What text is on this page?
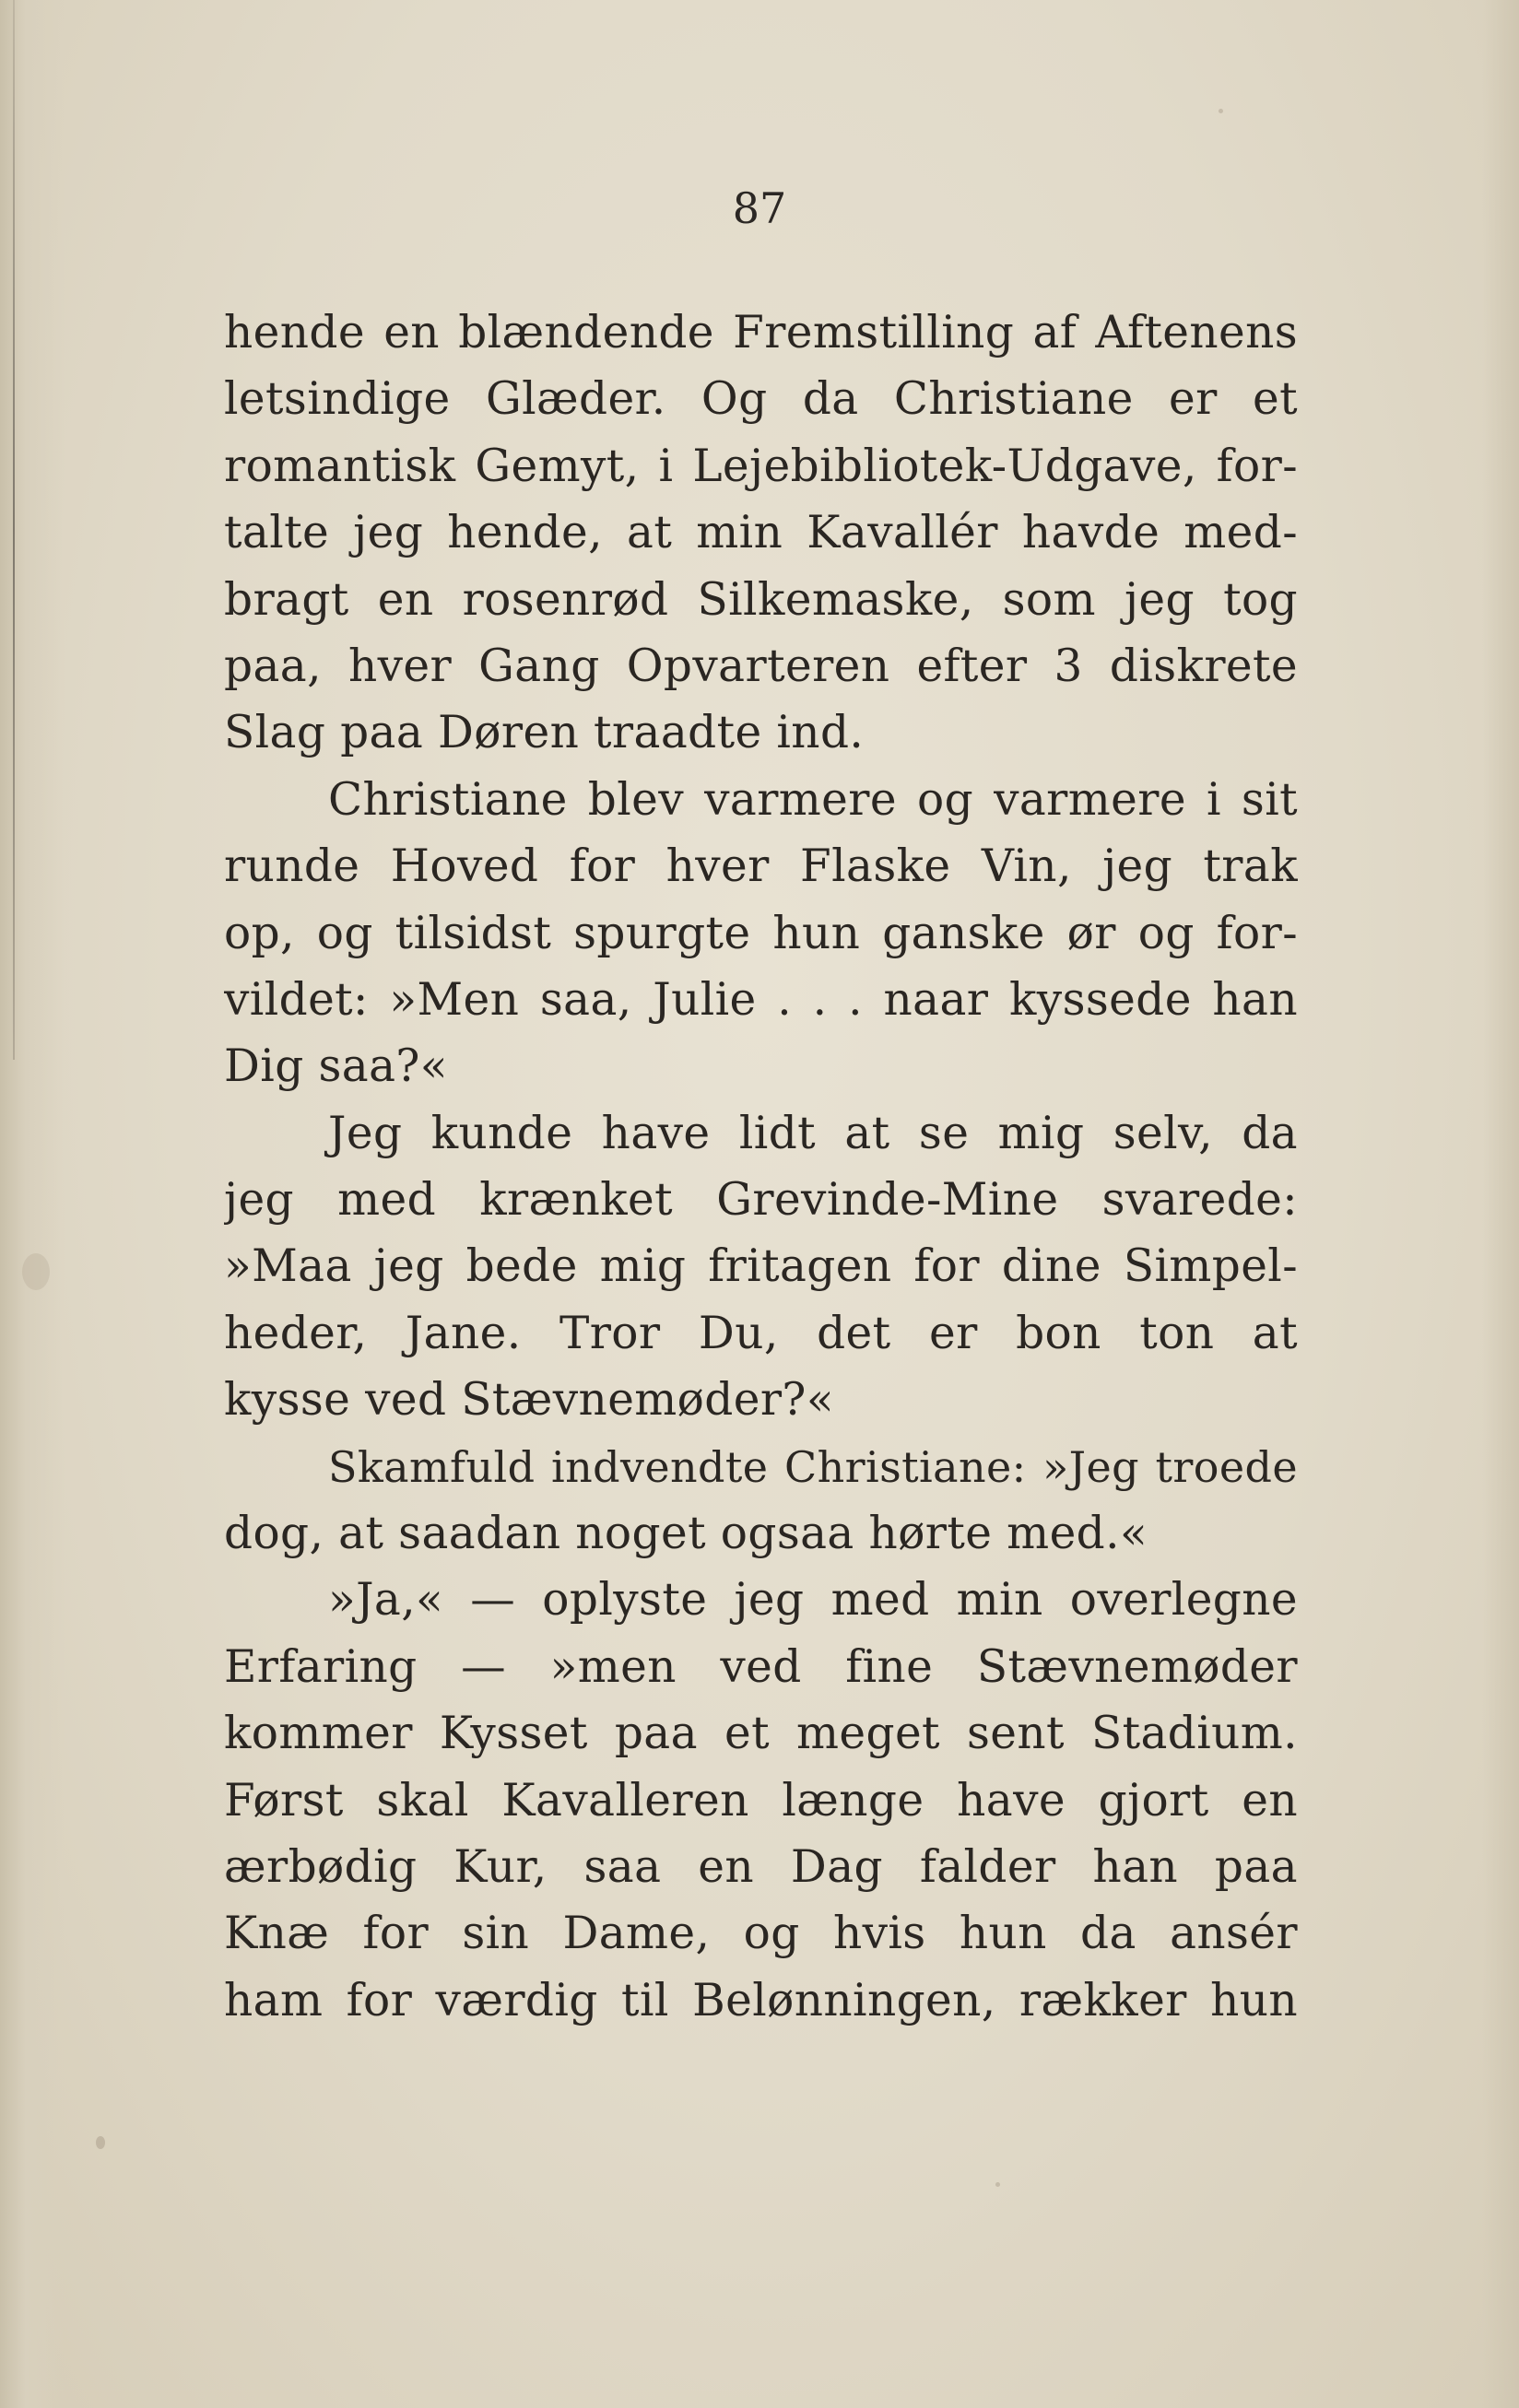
87
hende en blændende Fremstilling af Aftenens
letsindige Glæder. Og da Christiane er et
romantisk Gemyt, i Lejebibliotek-Udgave, for-
talte jeg hende, at min Kavallér havde med-
bragt en rosenrød Silkemaske, som jeg tog
paa, hver Gang Opvarteren efter 3 diskrete
Slag paa Døren traadte ind.
Christiane blev varmere og varmere i sit
runde Hoved for hver Flaske Vin, jeg trak
op, og tilsidst spurgte hun ganske ør og for-
vildet: »Men saa, Julie . . . naar kyssede han
Dig saa?«
Jeg kunde have lidt at se mig selv, da
jeg med krænket Grevinde-Mine svarede:
»Maa jeg bede mig fritagen for dine Simpel-
heder, Jane. Tror Du, det er bon ton at
kysse ved Stævnemøder?«
Skamfuld indvendte Christiane: »Jeg troede
dog, at saadan noget ogsaa hørte med.«
»Ja,« — oplyste jeg med min overlegne
Erfaring — »men ved fine Stævnemøder
kommer Kysset paa et meget sent Stadium.
Først skal Kavalleren længe have gjort en
ærbødig Kur, saa en Dag falder han paa
Knæ for sin Dame, og hvis hun da ansér
ham for værdig til Belønningen, rækker hun
